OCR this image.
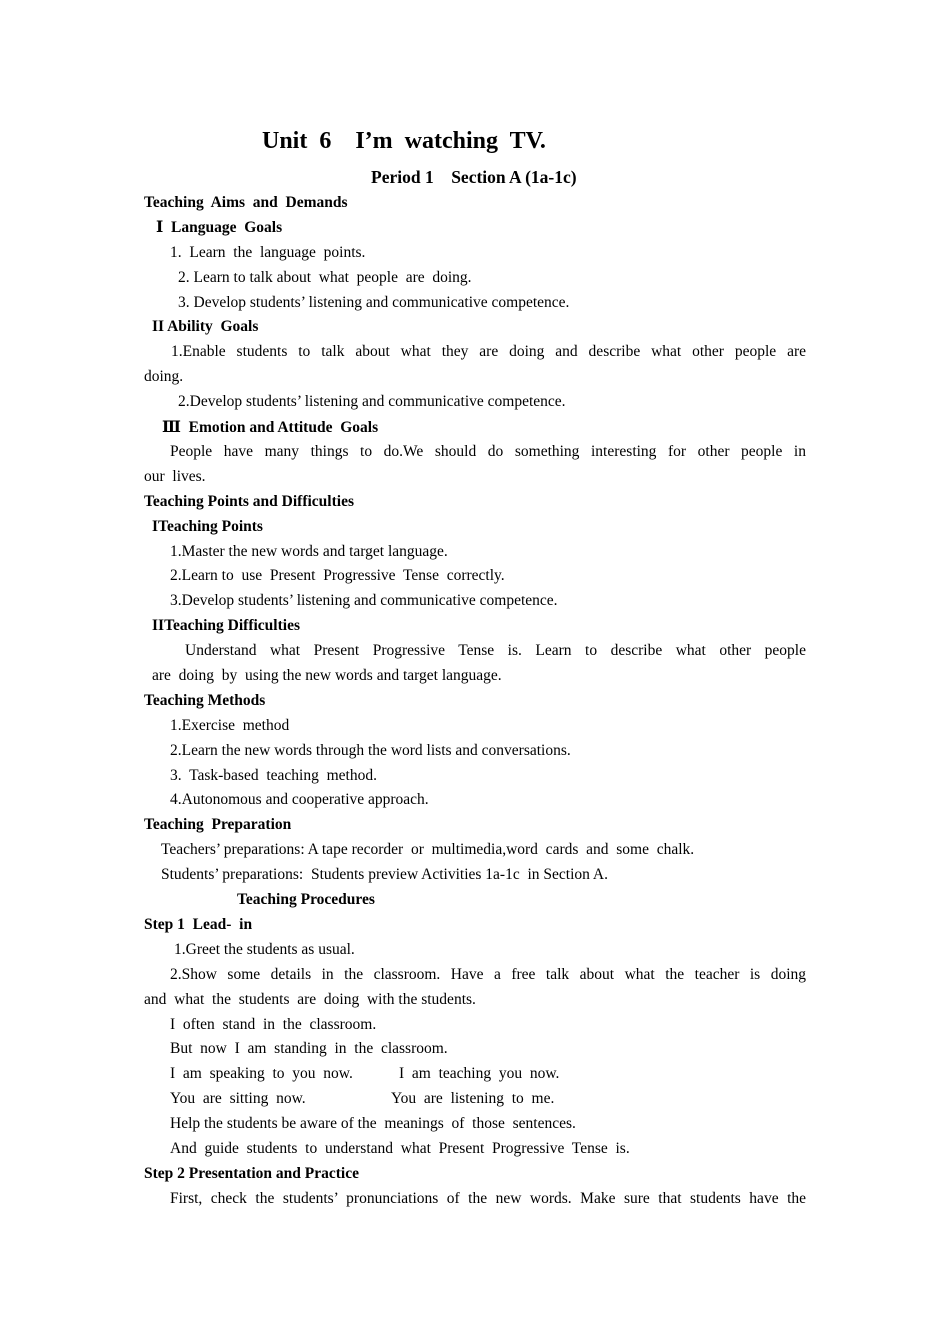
Unit  6    I’m  watching  TV.
Period 1    Section A (1a-1c)
Teaching  Aims  and  Demands
Ⅰ  Language  Goals
1.  Learn  the  language  points.
2. Learn to talk about  what  people  are  doing.
3. Develop students’ listening and communicative competence.
II Ability  Goals
1.Enable students to talk about what they are doing and describe what other people are
doing.
2.Develop students’ listening and communicative competence.
Ⅲ  Emotion and Attitude  Goals
People have many things to do.We should do something interesting for other people in
our  lives.
Teaching Points and Difficulties
ITeaching Points
1.Master the new words and target language.
2.Learn to  use  Present  Progressive  Tense  correctly.
3.Develop students’ listening and communicative competence.
IITeaching Difficulties
Understand what Present Progressive Tense is. Learn to describe what other people
are  doing  by  using the new words and target language.
Teaching Methods
1.Exercise  method
2.Learn the new words through the word lists and conversations.
3.  Task-based  teaching  method.
4.Autonomous and cooperative approach.
Teaching  Preparation
Teachers’ preparations: A tape recorder  or  multimedia,word  cards  and  some  chalk.
Students’ preparations:  Students preview Activities 1a-1c  in Section A.
Teaching Procedures
Step 1  Lead-  in
1.Greet the students as usual.
2.Show some details in the classroom. Have a free talk about what the teacher is doing
and  what  the  students  are  doing  with the students.
I  often  stand  in  the  classroom.
But  now  I  am  standing  in  the  classroom.
I  am  speaking  to  you  now.	I  am  teaching  you  now.
You  are  sitting  now.	You  are  listening  to  me.
Help the students be aware of the  meanings  of  those  sentences.
And  guide  students  to  understand  what  Present  Progressive  Tense  is.
Step 2 Presentation and Practice
First, check the students’ pronunciations of the new words. Make sure that students have the
